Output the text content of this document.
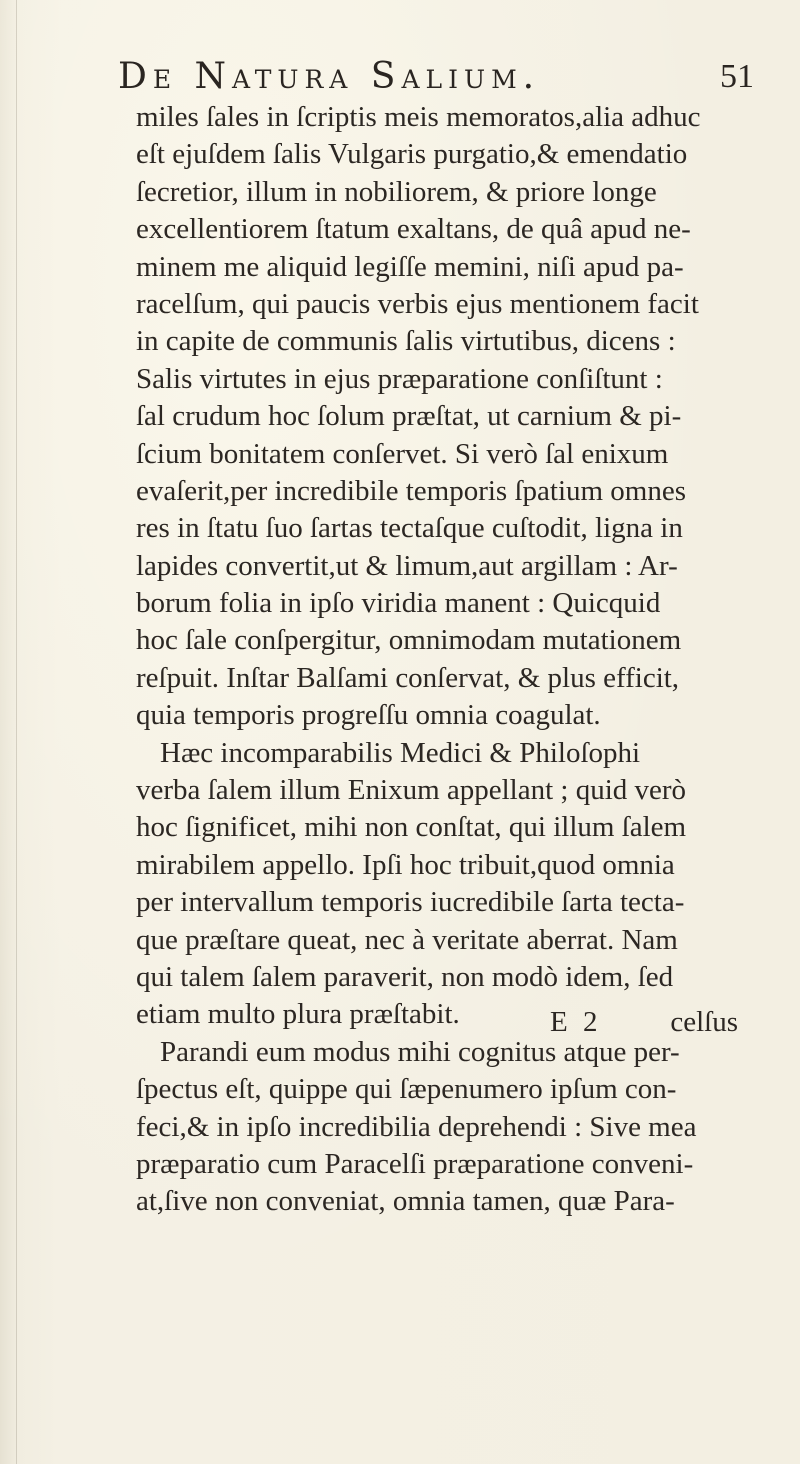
De Natura Salium.	51
miles ſales in ſcriptis meis memoratos,alia adhuc
eſt ejuſdem ſalis Vulgaris purgatio,& emendatio
ſecretior, illum in nobiliorem, & priore longe
excellentiorem ſtatum exaltans, de quâ apud ne-
minem me aliquid legiſſe memini, niſi apud pa-
racelſum, qui paucis verbis ejus mentionem facit
in capite de communis ſalis virtutibus, dicens :
Salis virtutes in ejus præparatione conſiſtunt :
ſal crudum hoc ſolum præſtat, ut carnium & pi-
ſcium bonitatem conſervet. Si verò ſal enixum
evaſerit,per incredibile temporis ſpatium omnes
res in ſtatu ſuo ſartas tectaſque cuſtodit, ligna in
lapides convertit,ut & limum,aut argillam : Ar-
borum folia in ipſo viridia manent : Quicquid
hoc ſale conſpergitur, omnimodam mutationem
reſpuit. Inſtar Balſami conſervat, & plus efficit,
quia temporis progreſſu omnia coagulat.
Hæc incomparabilis Medici & Philoſophi
verba ſalem illum Enixum appellant ; quid verò
hoc ſignificet, mihi non conſtat, qui illum ſalem
mirabilem appello. Ipſi hoc tribuit,quod omnia
per intervallum temporis iucredibile ſarta tecta-
que præſtare queat, nec à veritate aberrat. Nam
qui talem ſalem paraverit, non modò idem, ſed
etiam multo plura præſtabit.
Parandi eum modus mihi cognitus atque per-
ſpectus eſt, quippe qui ſæpenumero ipſum con-
feci,& in ipſo incredibilia deprehendi : Sive mea
præparatio cum Paracelſi præparatione conveni-
at,ſive non conveniat, omnia tamen, quæ Para-
E 2 celſus
